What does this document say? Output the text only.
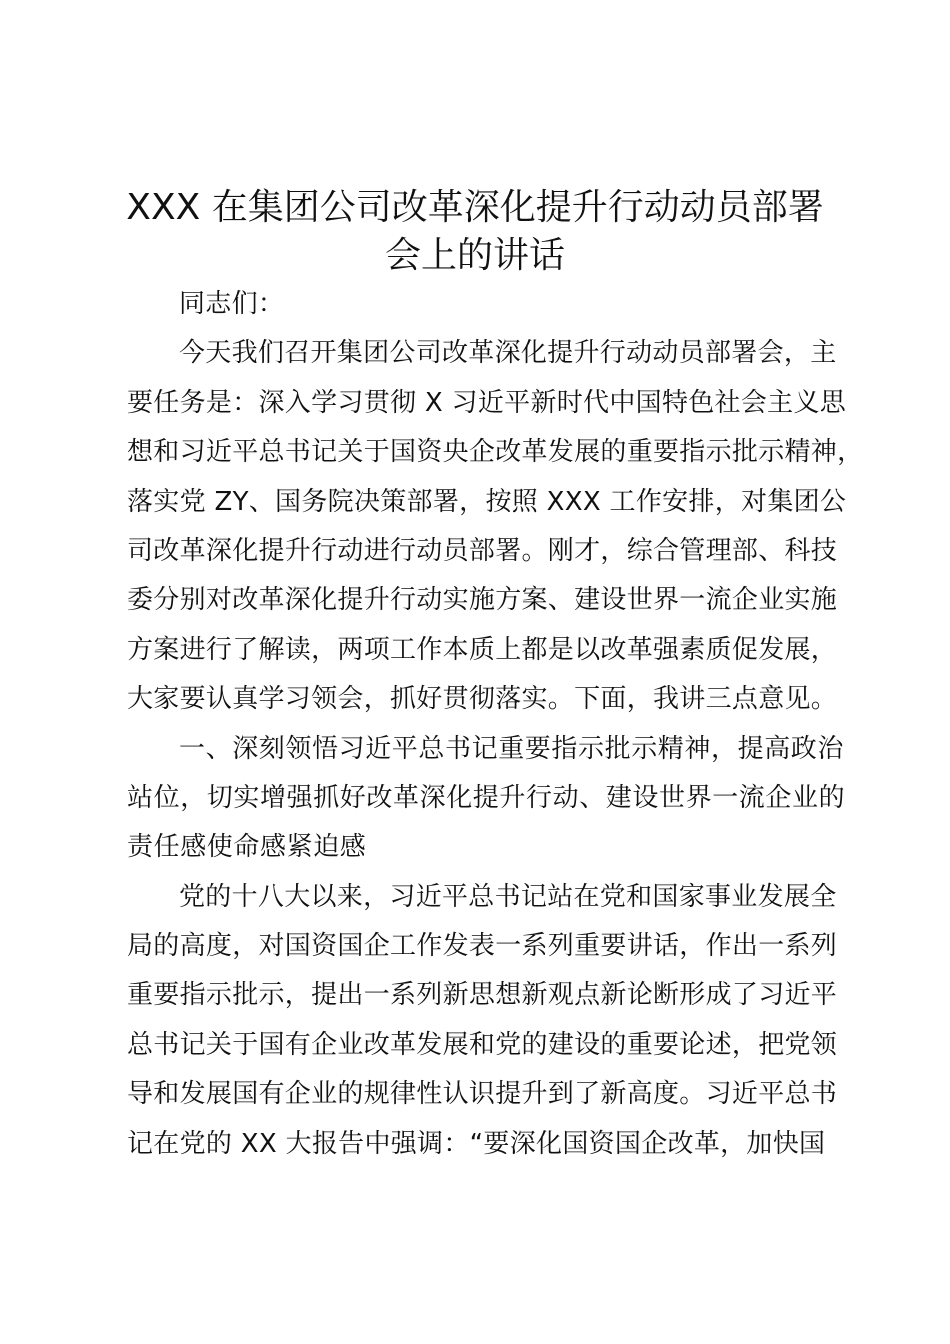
XXX 在集团公司改革深化提升行动动员部署
会上的讲话
同志们：
今天我们召开集团公司改革深化提升行动动员部署会，主
要任务是：深入学习贯彻 X 习近平新时代中国特色社会主义思
想和习近平总书记关于国资央企改革发展的重要指示批示精神，
落实党 ZY、国务院决策部署，按照 XXX 工作安排，对集团公
司改革深化提升行动进行动员部署。刚才，综合管理部、科技
委分别对改革深化提升行动实施方案、建设世界一流企业实施
方案进行了解读，两项工作本质上都是以改革强素质促发展，
大家要认真学习领会，抓好贯彻落实。下面，我讲三点意见。
一、深刻领悟习近平总书记重要指示批示精神，提高政治
站位，切实增强抓好改革深化提升行动、建设世界一流企业的
责任感使命感紧迫感
党的十八大以来，习近平总书记站在党和国家事业发展全
局的高度，对国资国企工作发表一系列重要讲话，作出一系列
重要指示批示，提出一系列新思想新观点新论断形成了习近平
总书记关于国有企业改革发展和党的建设的重要论述，把党领
导和发展国有企业的规律性认识提升到了新高度。习近平总书
记在党的 XX 大报告中强调：“要深化国资国企改革，加快国
